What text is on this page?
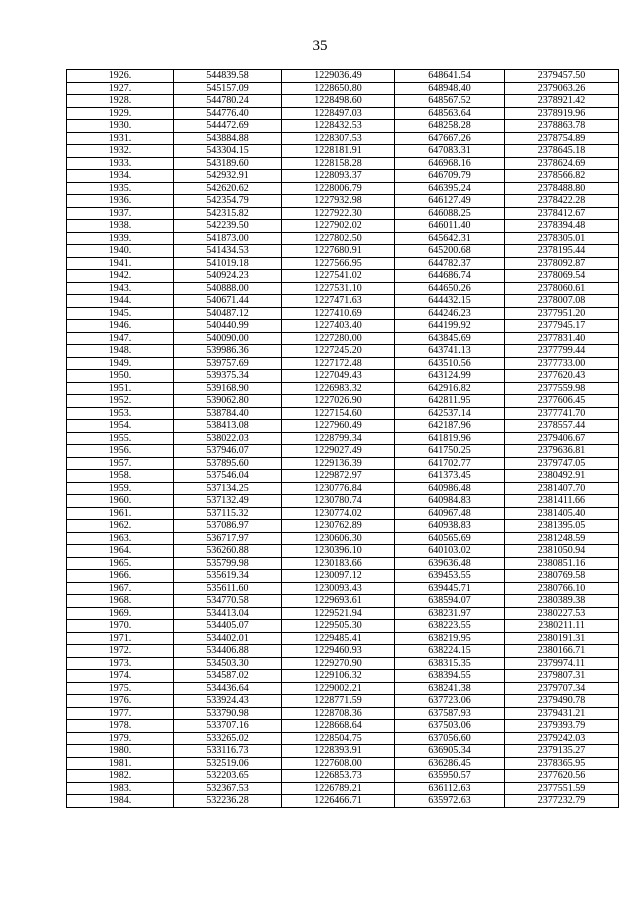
35
1926.	544839.58	1229036.49	648641.54	2379457.50
1927.	545157.09	1228650.80	648948.40	2379063.26
1928.	544780.24	1228498.60	648567.52	2378921.42
1929.	544776.40	1228497.03	648563.64	2378919.96
1930.	544472.69	1228432.53	648258.28	2378863.78
1931.	543884.88	1228307.53	647667.26	2378754.89
1932.	543304.15	1228181.91	647083.31	2378645.18
1933.	543189.60	1228158.28	646968.16	2378624.69
1934.	542932.91	1228093.37	646709.79	2378566.82
1935.	542620.62	1228006.79	646395.24	2378488.80
1936.	542354.79	1227932.98	646127.49	2378422.28
1937.	542315.82	1227922.30	646088.25	2378412.67
1938.	542239.50	1227902.02	646011.40	2378394.48
1939.	541873.00	1227802.50	645642.31	2378305.01
1940.	541434.53	1227680.91	645200.68	2378195.44
1941.	541019.18	1227566.95	644782.37	2378092.87
1942.	540924.23	1227541.02	644686.74	2378069.54
1943.	540888.00	1227531.10	644650.26	2378060.61
1944.	540671.44	1227471.63	644432.15	2378007.08
1945.	540487.12	1227410.69	644246.23	2377951.20
1946.	540440.99	1227403.40	644199.92	2377945.17
1947.	540090.00	1227280.00	643845.69	2377831.40
1948.	539986.36	1227245.20	643741.13	2377799.44
1949.	539757.69	1227172.48	643510.56	2377733.00
1950.	539375.34	1227049.43	643124.99	2377620.43
1951.	539168.90	1226983.32	642916.82	2377559.98
1952.	539062.80	1227026.90	642811.95	2377606.45
1953.	538784.40	1227154.60	642537.14	2377741.70
1954.	538413.08	1227960.49	642187.96	2378557.44
1955.	538022.03	1228799.34	641819.96	2379406.67
1956.	537946.07	1229027.49	641750.25	2379636.81
1957.	537895.60	1229136.39	641702.77	2379747.05
1958.	537546.04	1229872.97	641373.45	2380492.91
1959.	537134.25	1230776.84	640986.48	2381407.70
1960.	537132.49	1230780.74	640984.83	2381411.66
1961.	537115.32	1230774.02	640967.48	2381405.40
1962.	537086.97	1230762.89	640938.83	2381395.05
1963.	536717.97	1230606.30	640565.69	2381248.59
1964.	536260.88	1230396.10	640103.02	2381050.94
1965.	535799.98	1230183.66	639636.48	2380851.16
1966.	535619.34	1230097.12	639453.55	2380769.58
1967.	535611.60	1230093.43	639445.71	2380766.10
1968.	534770.58	1229693.61	638594.07	2380389.38
1969.	534413.04	1229521.94	638231.97	2380227.53
1970.	534405.07	1229505.30	638223.55	2380211.11
1971.	534402.01	1229485.41	638219.95	2380191.31
1972.	534406.88	1229460.93	638224.15	2380166.71
1973.	534503.30	1229270.90	638315.35	2379974.11
1974.	534587.02	1229106.32	638394.55	2379807.31
1975.	534436.64	1229002.21	638241.38	2379707.34
1976.	533924.43	1228771.59	637723.06	2379490.78
1977.	533790.98	1228708.36	637587.93	2379431.21
1978.	533707.16	1228668.64	637503.06	2379393.79
1979.	533265.02	1228504.75	637056.60	2379242.03
1980.	533116.73	1228393.91	636905.34	2379135.27
1981.	532519.06	1227608.00	636286.45	2378365.95
1982.	532203.65	1226853.73	635950.57	2377620.56
1983.	532367.53	1226789.21	636112.63	2377551.59
1984.	532236.28	1226466.71	635972.63	2377232.79
